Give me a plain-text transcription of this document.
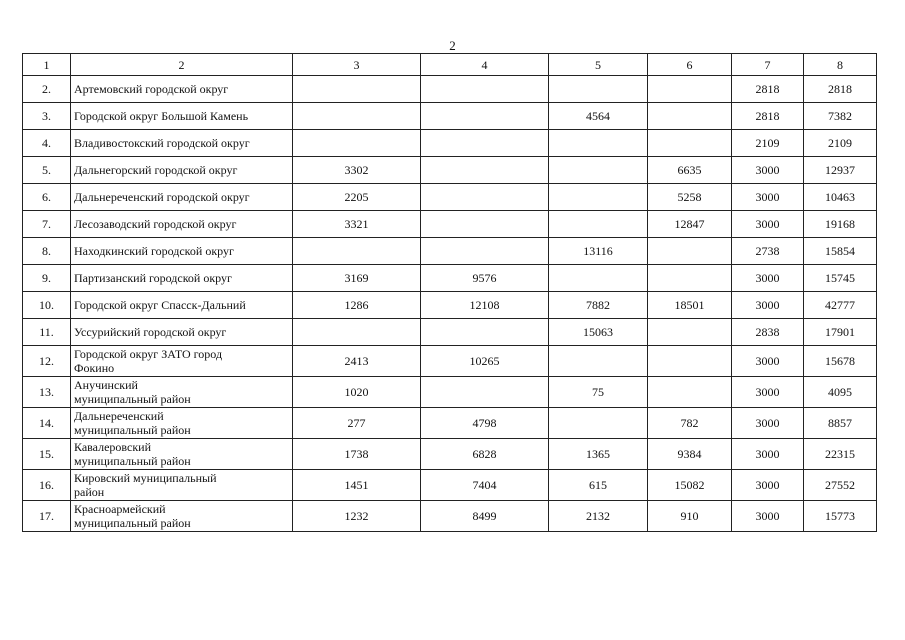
2
1	2	3	4	5	6	7	8
2.	Артемовский городской округ					2818	2818
3.	Городской округ Большой Камень			4564		2818	7382
4.	Владивостокский городской округ					2109	2109
5.	Дальнегорский городской округ	3302			6635	3000	12937
6.	Дальнереченский городской округ	2205			5258	3000	10463
7.	Лесозаводский городской округ	3321			12847	3000	19168
8.	Находкинский городской округ			13116		2738	15854
9.	Партизанский городской округ	3169	9576			3000	15745
10.	Городской округ Спасск-Дальний	1286	12108	7882	18501	3000	42777
11.	Уссурийский городской округ			15063		2838	17901
12.	Городской округ ЗАТО город
Фокино	2413	10265			3000	15678
13.	Анучинский
муниципальный район	1020		75		3000	4095
14.	Дальнереченский
муниципальный район	277	4798		782	3000	8857
15.	Кавалеровский
муниципальный район	1738	6828	1365	9384	3000	22315
16.	Кировский муниципальный
район	1451	7404	615	15082	3000	27552
17.	Красноармейский
муниципальный район	1232	8499	2132	910	3000	15773
